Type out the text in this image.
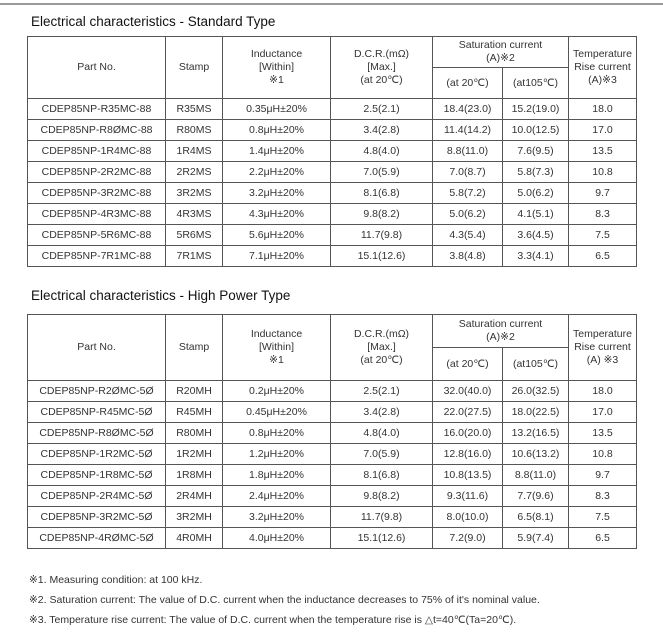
Electrical characteristics - Standard Type
Part No.	Stamp	Inductance
[Within]
※1	D.C.R.(mΩ)
[Max.]
(at 20℃)	Saturation current
(A)※2		Temperature
Rise current
(A)※3

				(at 20℃)	(at105℃)	
CDEP85NP-R35MC-88	R35MS	0.35μH±20%	2.5(2.1)	18.4(23.0)	15.2(19.0)	18.0
CDEP85NP-R8ØMC-88	R80MS	0.8μH±20%	3.4(2.8)	11.4(14.2)	10.0(12.5)	17.0
CDEP85NP-1R4MC-88	1R4MS	1.4μH±20%	4.8(4.0)	8.8(11.0)	7.6(9.5)	13.5
CDEP85NP-2R2MC-88	2R2MS	2.2μH±20%	7.0(5.9)	7.0(8.7)	5.8(7.3)	10.8
CDEP85NP-3R2MC-88	3R2MS	3.2μH±20%	8.1(6.8)	5.8(7.2)	5.0(6.2)	9.7
CDEP85NP-4R3MC-88	4R3MS	4.3μH±20%	9.8(8.2)	5.0(6.2)	4.1(5.1)	8.3
CDEP85NP-5R6MC-88	5R6MS	5.6μH±20%	11.7(9.8)	4.3(5.4)	3.6(4.5)	7.5
CDEP85NP-7R1MC-88	7R1MS	7.1μH±20%	15.1(12.6)	3.8(4.8)	3.3(4.1)	6.5
Electrical characteristics - High Power Type
Part No.	Stamp	Inductance
[Within]
※1	D.C.R.(mΩ)
[Max.]
(at 20℃)	Saturation current
(A)※2		Temperature
Rise current
(A) ※3

				(at 20℃)	(at105℃)	
CDEP85NP-R2ØMC-5Ø	R20MH	0.2μH±20%	2.5(2.1)	32.0(40.0)	26.0(32.5)	18.0
CDEP85NP-R45MC-5Ø	R45MH	0.45μH±20%	3.4(2.8)	22.0(27.5)	18.0(22.5)	17.0
CDEP85NP-R8ØMC-5Ø	R80MH	0.8μH±20%	4.8(4.0)	16.0(20.0)	13.2(16.5)	13.5
CDEP85NP-1R2MC-5Ø	1R2MH	1.2μH±20%	7.0(5.9)	12.8(16.0)	10.6(13.2)	10.8
CDEP85NP-1R8MC-5Ø	1R8MH	1.8μH±20%	8.1(6.8)	10.8(13.5)	8.8(11.0)	9.7
CDEP85NP-2R4MC-5Ø	2R4MH	2.4μH±20%	9.8(8.2)	9.3(11.6)	7.7(9.6)	8.3
CDEP85NP-3R2MC-5Ø	3R2MH	3.2μH±20%	11.7(9.8)	8.0(10.0)	6.5(8.1)	7.5
CDEP85NP-4RØMC-5Ø	4R0MH	4.0μH±20%	15.1(12.6)	7.2(9.0)	5.9(7.4)	6.5
※1. Measuring condition: at 100 kHz.
※2. Saturation current: The value of D.C. current when the inductance decreases to 75% of it's nominal value.
※3. Temperature rise current: The value of D.C. current when the temperature rise is △t=40℃(Ta=20℃).
